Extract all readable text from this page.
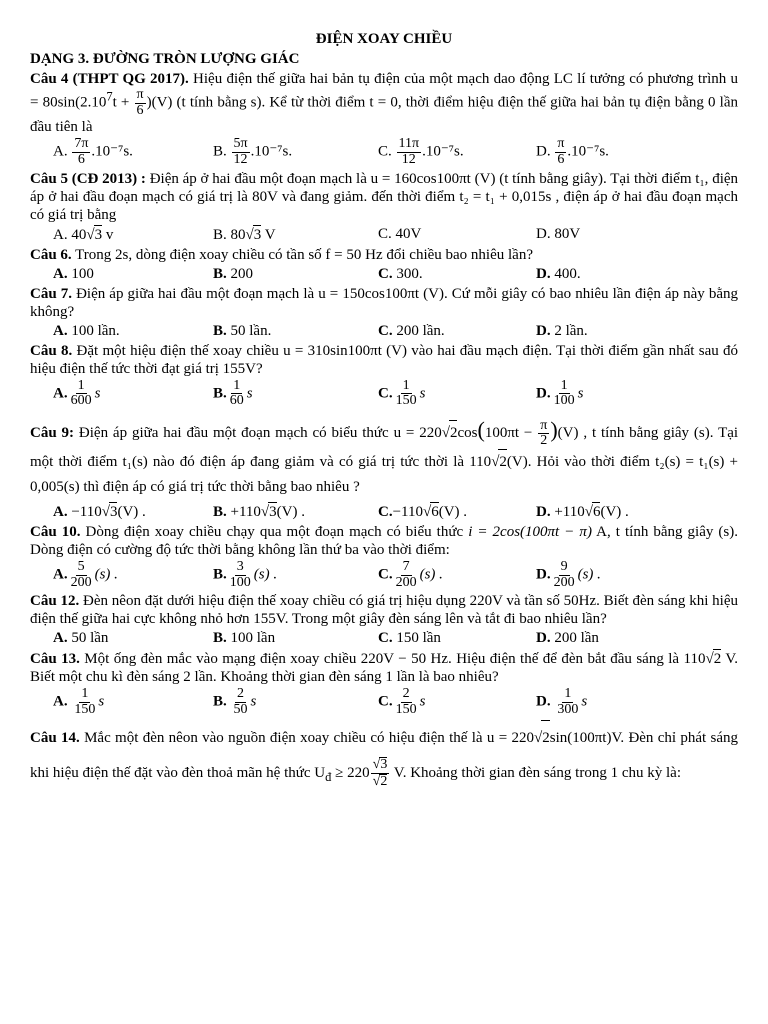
ĐIỆN XOAY CHIỀU
DẠNG 3. ĐƯỜNG TRÒN LƯỢNG GIÁC

Câu 4 (THPT QG 2017). Hiệu điện thế giữa hai bản tụ điện của một mạch dao động LC lí tưởng có phương trình $u = 80\sin(2.10^7t + \frac{\pi}{6} )(V)$ (t tính bằng s). Kể từ thời điểm t = 0, thời điểm hiệu điện thế giữa hai bản tụ điện bằng 0 lần đầu tiên là

A. $\frac{7\pi}{6} .10^{-7}s$.	B. $\frac{5\pi}{12} .10^{-7}s$.	C. $\frac{11\pi}{12} .10^{-7}s$.	D. $\frac{\pi}{6} .10^{-7}s$.

Câu 5 (CĐ 2013) : Điện áp ở hai đầu một đoạn mạch là u = 160cos100πt (V) (t tính bằng giây). Tại thời điểm t₁, điện áp ở hai đầu đoạn mạch có giá trị là 80V và đang giảm. đến thời điểm t₂ = t₁ + 0,015s , điện áp ở hai đầu đoạn mạch có giá trị bằng

A. 40√3 v	B. 80√3 V	C. 40V	D. 80V

Câu 6. Trong 2s, dòng điện xoay chiều có tần số f = 50 Hz đổi chiều bao nhiêu lần?

A. 100	B. 200	C. 300.	D. 400.

Câu 7. Điện áp giữa hai đầu một đoạn mạch là u = 150cos100πt (V). Cứ mỗi giây có bao nhiêu lần điện áp này bằng không?

A. 100 lần.	B. 50 lần.	C. 200 lần.	D. 2 lần.

Câu 8. Đặt một hiệu điện thế xoay chiều u = 310sin100πt (V) vào hai đầu mạch điện. Tại thời điểm gần nhất sau đó hiệu điện thế tức thời đạt giá trị 155V?

A. $\frac{1}{600}$ s	B. $\frac{1}{60}$ s	C. $\frac{1}{150}$ s	D. $\frac{1}{100}$ s

Câu 9: Điện áp giữa hai đầu một đoạn mạch có biểu thức $u = 220√2\cos(100\pi t - \frac{\pi}{2} )(V)$ , t tính bằng giây (s). Tại một thời điểm t₁(s) nào đó điện áp đang giảm và có giá trị tức thời là 110√2(V). Hỏi vào thời điểm t₂(s) = t₁(s) + 0,005(s) thì điện áp có giá trị tức thời bằng bao nhiêu ?

A. −110√3(V) .	B. +110√3(V) .	C.−110√6(V) .	D. +110√6(V) .

Câu 10. Dòng điện xoay chiều chạy qua một đoạn mạch có biểu thức i = 2cos(100πt − π) A, t tính bằng giây (s). Dòng điện có cường độ tức thời bằng không lần thứ ba vào thời điểm:

A. $\frac{5}{200} (s)$ .	B. $\frac{3}{100} (s)$ .	C. $\frac{7}{200} (s)$ .	D. $\frac{9}{200} (s)$ .

Câu 12. Đèn nêon đặt dưới hiệu điện thế xoay chiều có giá trị hiệu dụng 220V và tần số 50Hz. Biết đèn sáng khi hiệu điện thế giữa hai cực không nhỏ hơn 155V. Trong một giây đèn sáng lên và tắt đi bao nhiêu lần?

A. 50 lần	B. 100 lần	C. 150 lần	D. 200 lần

Câu 13. Một ống đèn mắc vào mạng điện xoay chiều 220V − 50 Hz. Hiệu điện thế để đèn bắt đầu sáng là 110√2 V. Biết một chu kì đèn sáng 2 lần. Khoảng thời gian đèn sáng 1 lần là bao nhiêu?

A. $\frac{1}{150}$ s	B. $\frac{2}{50}$ s	C. $\frac{2}{150}$ s	D. $\frac{1}{300}$ s

Câu 14. Mắc một đèn nêon vào nguồn điện xoay chiều có hiệu điện thế là u = 220√2sin(100πt)V. Đèn chỉ phát sáng khi hiệu điện thế đặt vào đèn thoả mãn hệ thức $U_đ \ge 220 \frac{√3}{√2} V$. Khoảng thời gian đèn sáng trong 1 chu kỳ là:
